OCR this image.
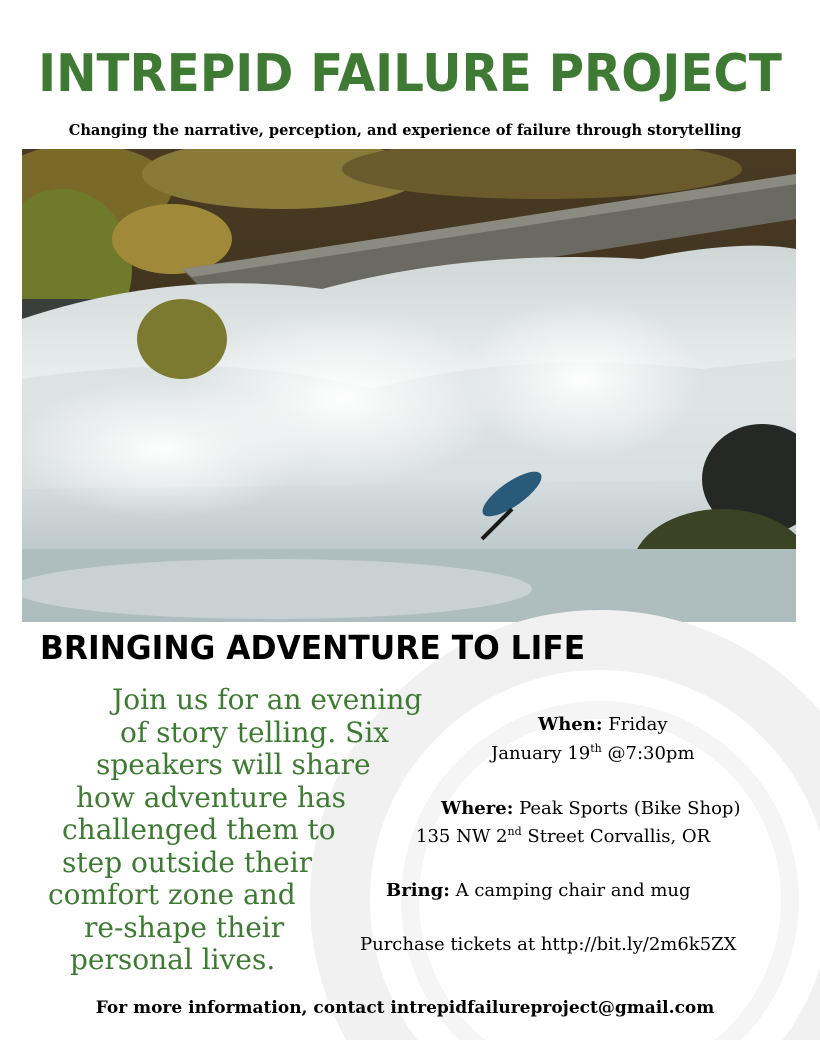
INTREPID FAILURE PROJECT
Changing the narrative, perception, and experience of failure through storytelling
BRINGING ADVENTURE TO LIFE
Join us for an evening
of story telling. Six
speakers will share
how adventure has
challenged them to
step outside their
comfort zone and
re-shape their
personal lives.
When: Friday
January 19th @7:30pm
Where: Peak Sports (Bike Shop)
135 NW 2nd Street Corvallis, OR
Bring: A camping chair and mug
Purchase tickets at http://bit.ly/2m6k5ZX
For more information, contact intrepidfailureproject@gmail.com
